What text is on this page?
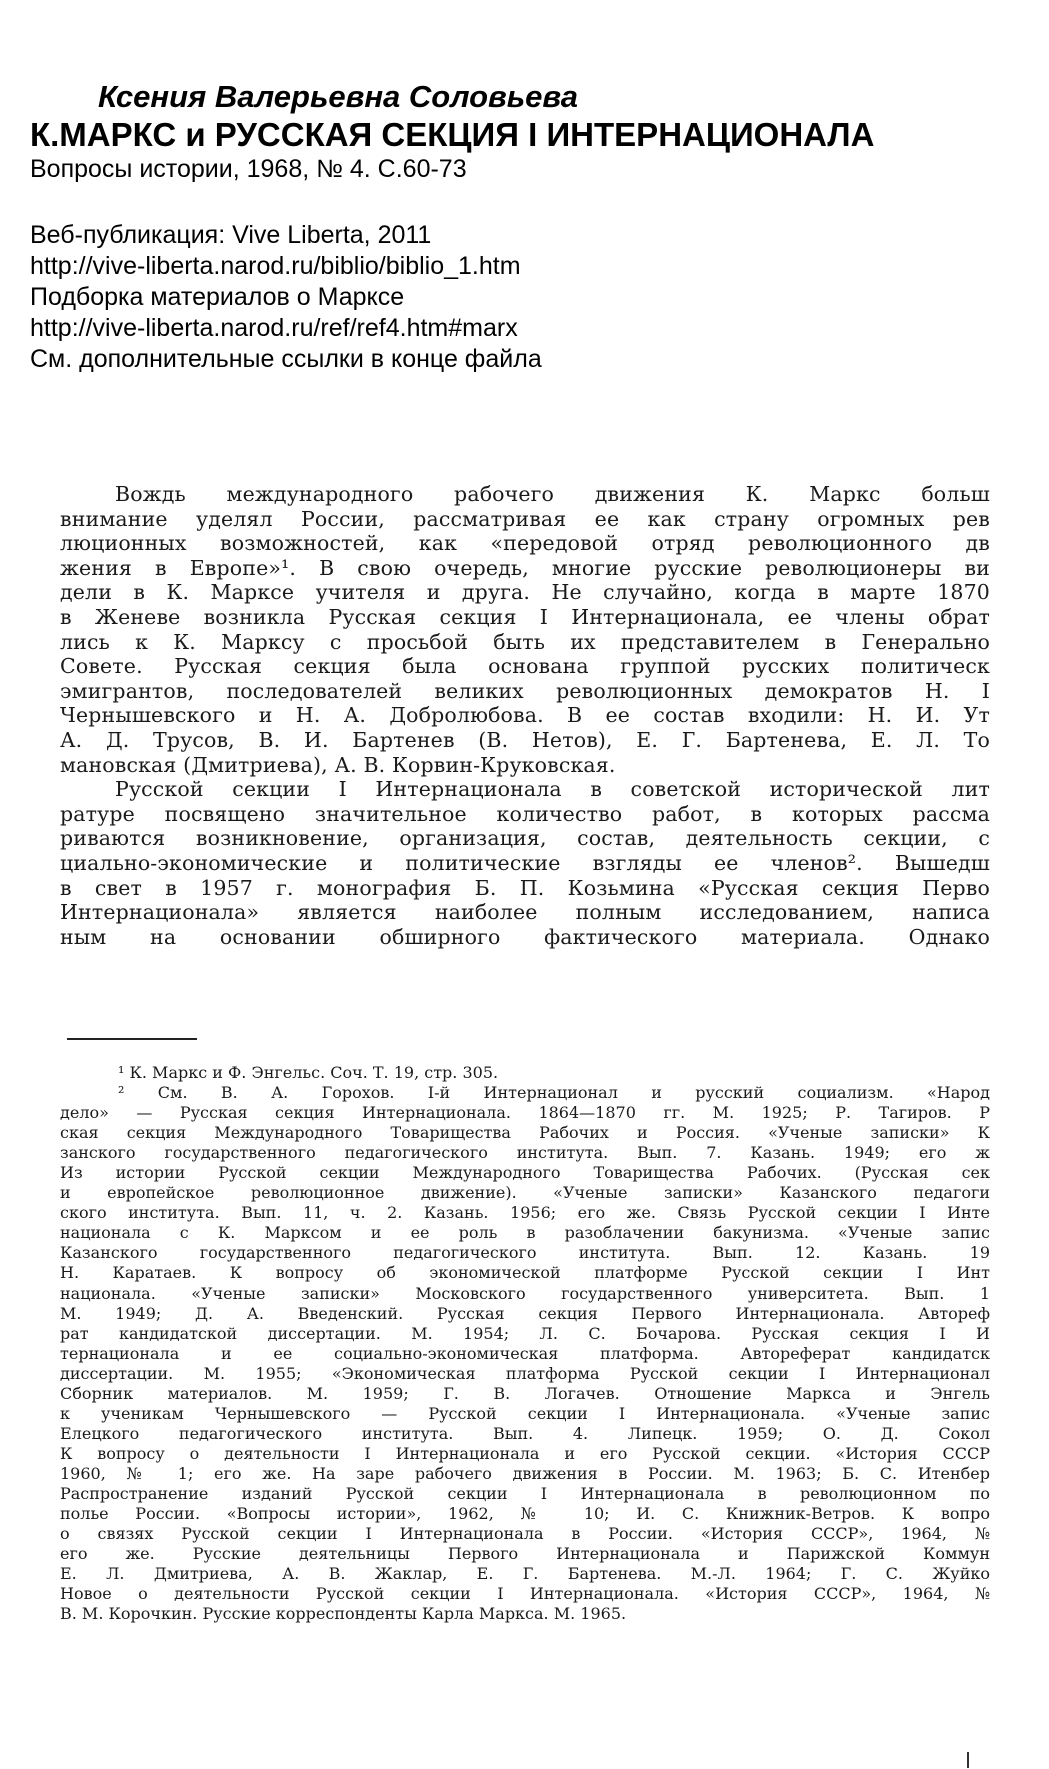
Ксения Валерьевна Соловьева
К.МАРКС и РУССКАЯ СЕКЦИЯ I ИНТЕРНАЦИОНАЛА
Вопросы истории, 1968, № 4. С.60-73
Веб-публикация: Vive Liberta, 2011
http://vive-liberta.narod.ru/biblio/biblio_1.htm
Подборка материалов о Марксе
http://vive-liberta.narod.ru/ref/ref4.htm#marx
См. дополнительные ссылки в конце файла
Вождь международного рабочего движения К. Маркс больш
внимание уделял России, рассматривая ее как страну огромных рев
люционных возможностей, как «передовой отряд революционного дв
жения в Европе»¹. В свою очередь, многие русские революционеры ви
дели в К. Марксе учителя и друга. Не случайно, когда в марте 1870
в Женеве возникла Русская секция I Интернационала, ее члены обрат
лись к К. Марксу с просьбой быть их представителем в Генерально
Совете. Русская секция была основана группой русских политическ
эмигрантов, последователей великих революционных демократов Н. I
Чернышевского и Н. А. Добролюбова. В ее состав входили: Н. И. Ут
А. Д. Трусов, В. И. Бартенев (В. Нетов), Е. Г. Бартенева, Е. Л. То
мановская (Дмитриева), А. В. Корвин-Круковская.
Русской секции I Интернационала в советской исторической лит
ратуре посвящено значительное количество работ, в которых рассма
риваются возникновение, организация, состав, деятельность секции, с
циально-экономические и политические взгляды ее членов². Вышедш
в свет в 1957 г. монография Б. П. Козьмина «Русская секция Перво
Интернационала» является наиболее полным исследованием, написа
ным на основании обширного фактического материала. Однако
¹ К. Маркс и Ф. Энгельс. Соч. Т. 19, стр. 305.
² См. В. А. Горохов. I-й Интернационал и русский социализм. «Народ
дело» — Русская секция Интернационала. 1864—1870 гг. М. 1925; Р. Тагиров. Р
ская секция Международного Товарищества Рабочих и Россия. «Ученые записки» К
занского государственного педагогического института. Вып. 7. Казань. 1949; его ж
Из истории Русской секции Международного Товарищества Рабочих. (Русская сек
и европейское революционное движение). «Ученые записки» Казанского педагоги
ского института. Вып. 11, ч. 2. Казань. 1956; его же. Связь Русской секции I Инте
национала с К. Марксом и ее роль в разоблачении бакунизма. «Ученые запис
Казанского государственного педагогического института. Вып. 12. Казань. 19
Н. Каратаев. К вопросу об экономической платформе Русской секции I Инт
национала. «Ученые записки» Московского государственного университета. Вып. 1
М. 1949; Д. А. Введенский. Русская секция Первого Интернационала. Автореф
рат кандидатской диссертации. М. 1954; Л. С. Бочарова. Русская секция I И
тернационала и ее социально-экономическая платформа. Автореферат кандидатск
диссертации. М. 1955; «Экономическая платформа Русской секции I Интернационал
Сборник материалов. М. 1959; Г. В. Логачев. Отношение Маркса и Энгель
к ученикам Чернышевского — Русской секции I Интернационала. «Ученые запис
Елецкого педагогического института. Вып. 4. Липецк. 1959; О. Д. Сокол
К вопросу о деятельности I Интернационала и его Русской секции. «История СССР
1960, № 1; его же. На заре рабочего движения в России. М. 1963; Б. С. Итенбер
Распространение изданий Русской секции I Интернационала в революционном по
полье России. «Вопросы истории», 1962, № 10; И. С. Книжник-Ветров. К вопро
о связях Русской секции I Интернационала в России. «История СССР», 1964, №
его же. Русские деятельницы Первого Интернационала и Парижской Коммун
Е. Л. Дмитриева, А. В. Жаклар, Е. Г. Бартенева. М.-Л. 1964; Г. С. Жуйко
Новое о деятельности Русской секции I Интернационала. «История СССР», 1964, №
В. М. Корочкин. Русские корреспонденты Карла Маркса. М. 1965.
